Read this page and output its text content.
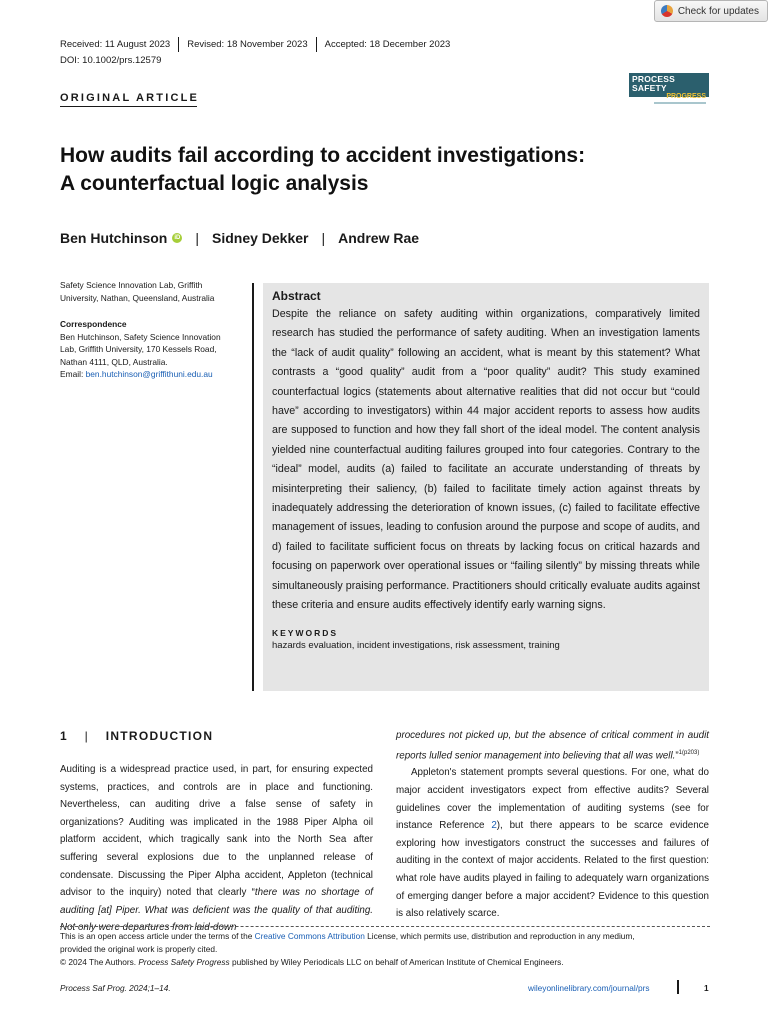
Check for updates
Received: 11 August 2023 Revised: 18 November 2023 Accepted: 18 December 2023
DOI: 10.1002/prs.12579
PROCESS SAFETY
PROGRESS
ORIGINAL ARTICLE
How audits fail according to accident investigations:
A counterfactual logic analysis
Ben Hutchinson	iD | Sidney Dekker | Andrew Rae
Safety Science Innovation Lab, Griffith
University, Nathan, Queensland, Australia
Correspondence
Ben Hutchinson, Safety Science Innovation
Lab, Griffith University, 170 Kessels Road,
Nathan 4111, QLD, Australia.
Email: ben.hutchinson@griffithuni.edu.au
Abstract
Despite the reliance on safety auditing within organizations, comparatively limited research has studied the performance of safety auditing. When an investigation laments the “lack of audit quality” following an accident, what is meant by this statement? What contrasts a “good quality” audit from a “poor quality” audit? This study examined counterfactual logics (statements about alternative realities that did not occur but “could have” according to investigators) within 44 major accident reports to assess how audits are supposed to function and how they fall short of the ideal model. The content analysis yielded nine counterfactual auditing failures grouped into four categories. Contrary to the “ideal” model, audits (a) failed to facilitate an accurate understanding of threats by misinterpreting their saliency, (b) failed to facilitate timely action against threats by inadequately addressing the deterioration of known issues, (c) failed to facilitate effective management of issues, leading to confusion around the purpose and scope of audits, and d) failed to facilitate sufficient focus on threats by lacking focus on critical hazards and focusing on paperwork over operational issues or “failing silently” by missing threats while simultaneously praising performance. Practitioners should critically evaluate audits against these criteria and ensure audits effectively identify early warning signs.
KEYWORDS
hazards evaluation, incident investigations, risk assessment, training
1 | INTRODUCTION

Auditing is a widespread practice used, in part, for ensuring expected systems, practices, and controls are in place and functioning. Nevertheless, can auditing drive a false sense of safety in organizations? Auditing was implicated in the 1988 Piper Alpha oil platform accident, which tragically sank into the North Sea after suffering several explosions due to the unplanned release of condensate. Discussing the Piper Alpha accident, Appleton (technical advisor to the inquiry) noted that clearly “there was no shortage of auditing [at] Piper. What was deficient was the quality of that auditing. Not only were departures from laid-down

procedures not picked up, but the absence of critical comment in audit reports lulled senior management into believing that all was well.”$^{1(p203)}$

Appleton's statement prompts several questions. For one, what do major accident investigators expect from effective audits? Several guidelines cover the implementation of auditing systems (see for instance Reference 2), but there appears to be scarce evidence exploring how investigators construct the successes and failures of auditing in the context of major accidents. Related to the first question: what role have audits played in failing to adequately warn organizations of emerging danger before a major accident? Evidence to this question is also relatively scarce.

This is an open access article under the terms of the Creative Commons Attribution License, which permits use, distribution and reproduction in any medium,
provided the original work is properly cited.
© 2024 The Authors. Process Safety Progress published by Wiley Periodicals LLC on behalf of American Institute of Chemical Engineers.
Process Saf Prog. 2024;1–14.	wileyonlinelibrary.com/journal/prs	1
